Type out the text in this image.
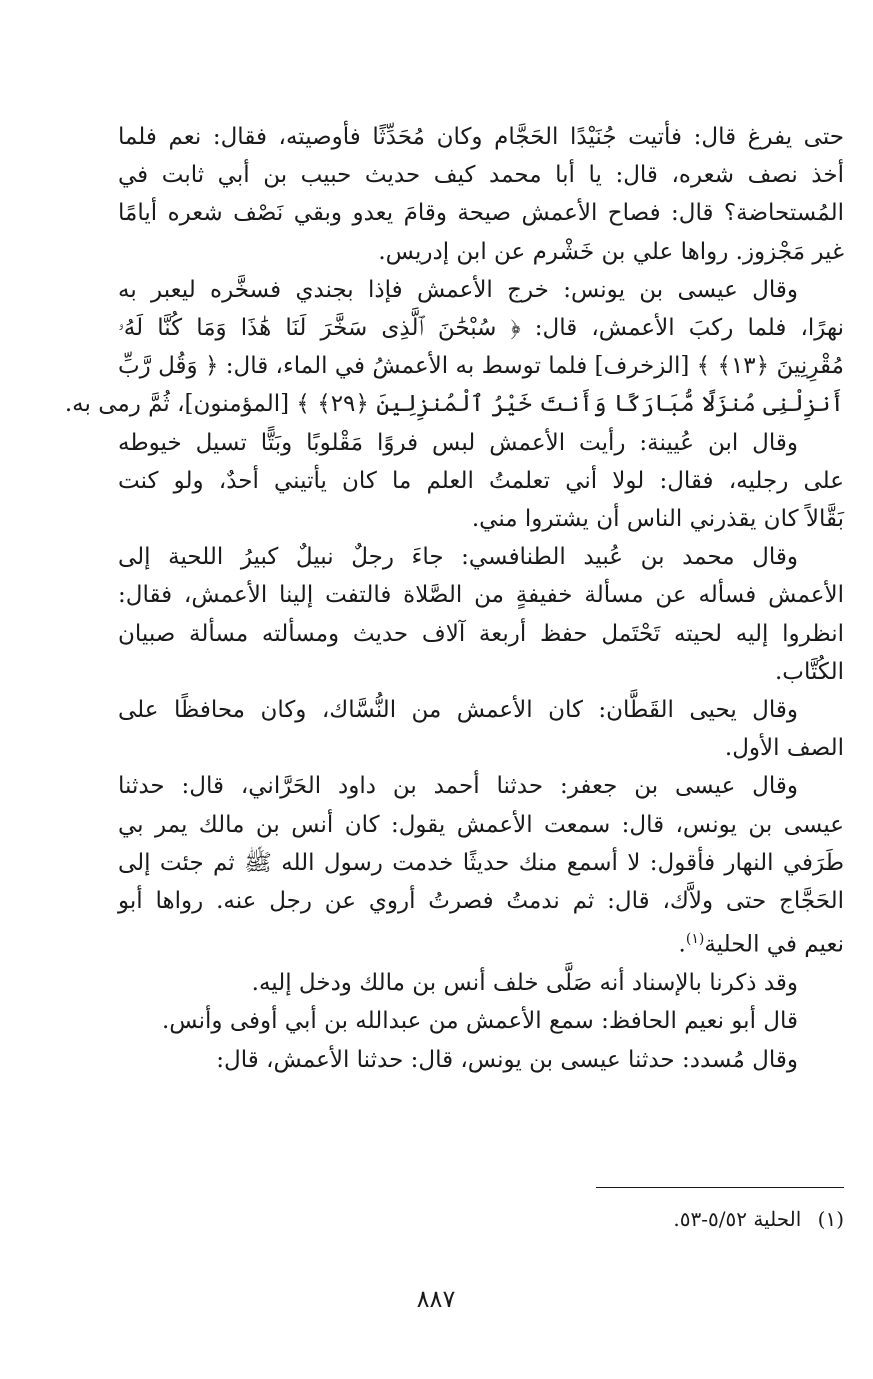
حتى يفرغ قال: فأتيت جُنَيْدًا الحَجَّام وكان مُحَدِّثًا فأوصيته، فقال: نعم فلما
أخذ نصف شعره، قال: يا أبا محمد كيف حديث حبيب بن أبي ثابت في
المُستحاضة؟ قال: فصاح الأعمش صيحة وقامَ يعدو وبقي نَصْف شعره أيامًا
غير مَجْزوز. رواها علي بن خَشْرم عن ابن إدريس.
وقال عيسى بن يونس: خرج الأعمش فإذا بجندي فسخَّره ليعبر به
نهرًا، فلما ركبَ الأعمش، قال: ﴿ سُبْحَٰنَ ٱلَّذِى سَخَّرَ لَنَا هَٰذَا وَمَا كُنَّا لَهُۥ
مُقْرِنِينَ ﴿١٣﴾ ﴾ [الزخرف] فلما توسط به الأعمشُ في الماء، قال: ﴿ وَقُل رَّبِّ
أَنزِلْنِى مُنزَلًا مُّبَارَكًا وَأَنتَ خَيْرُ ٱلْمُنزِلِينَ ﴿٢٩﴾ ﴾ [المؤمنون]، ثُمَّ رمى به.
وقال ابن عُيينة: رأيت الأعمش لبس فروًا مَقْلوبًا وبَتًّا تسيل خيوطه
على رجليه، فقال: لولا أني تعلمتُ العلم ما كان يأتيني أحدٌ، ولو كنت
بَقَّالاً كان يقذرني الناس أن يشتروا مني.
وقال محمد بن عُبيد الطنافسي: جاءَ رجلٌ نبيلٌ كبيرُ اللحية إلى
الأعمش فسأله عن مسألة خفيفةٍ من الصَّلاة فالتفت إلينا الأعمش، فقال:
انظروا إليه لحيته تَحْتَمل حفظ أربعة آلاف حديث ومسألته مسألة صبيان
الكُتَّاب.
وقال يحيى القَطَّان: كان الأعمش من النُّسَّاك، وكان محافظًا على
الصف الأول.
وقال عيسى بن جعفر: حدثنا أحمد بن داود الحَرَّاني، قال: حدثنا
عيسى بن يونس، قال: سمعت الأعمش يقول: كان أنس بن مالك يمر بي
طَرَفي النهار فأقول: لا أسمع منك حديثًا خدمت رسول الله ﷺ ثم جئت إلى
الحَجَّاج حتى ولاَّك، قال: ثم ندمتُ فصرتُ أروي عن رجل عنه. رواها أبو
نعيم في الحلية$^{(١)}$.
وقد ذكرنا بالإسناد أنه صَلَّى خلف أنس بن مالك ودخل إليه.
قال أبو نعيم الحافظ: سمع الأعمش من عبدالله بن أبي أوفى وأنس.
وقال مُسدد: حدثنا عيسى بن يونس، قال: حدثنا الأعمش، قال:
(١) الحلية ٥/٥٢-٥٣.
٨٨٧
